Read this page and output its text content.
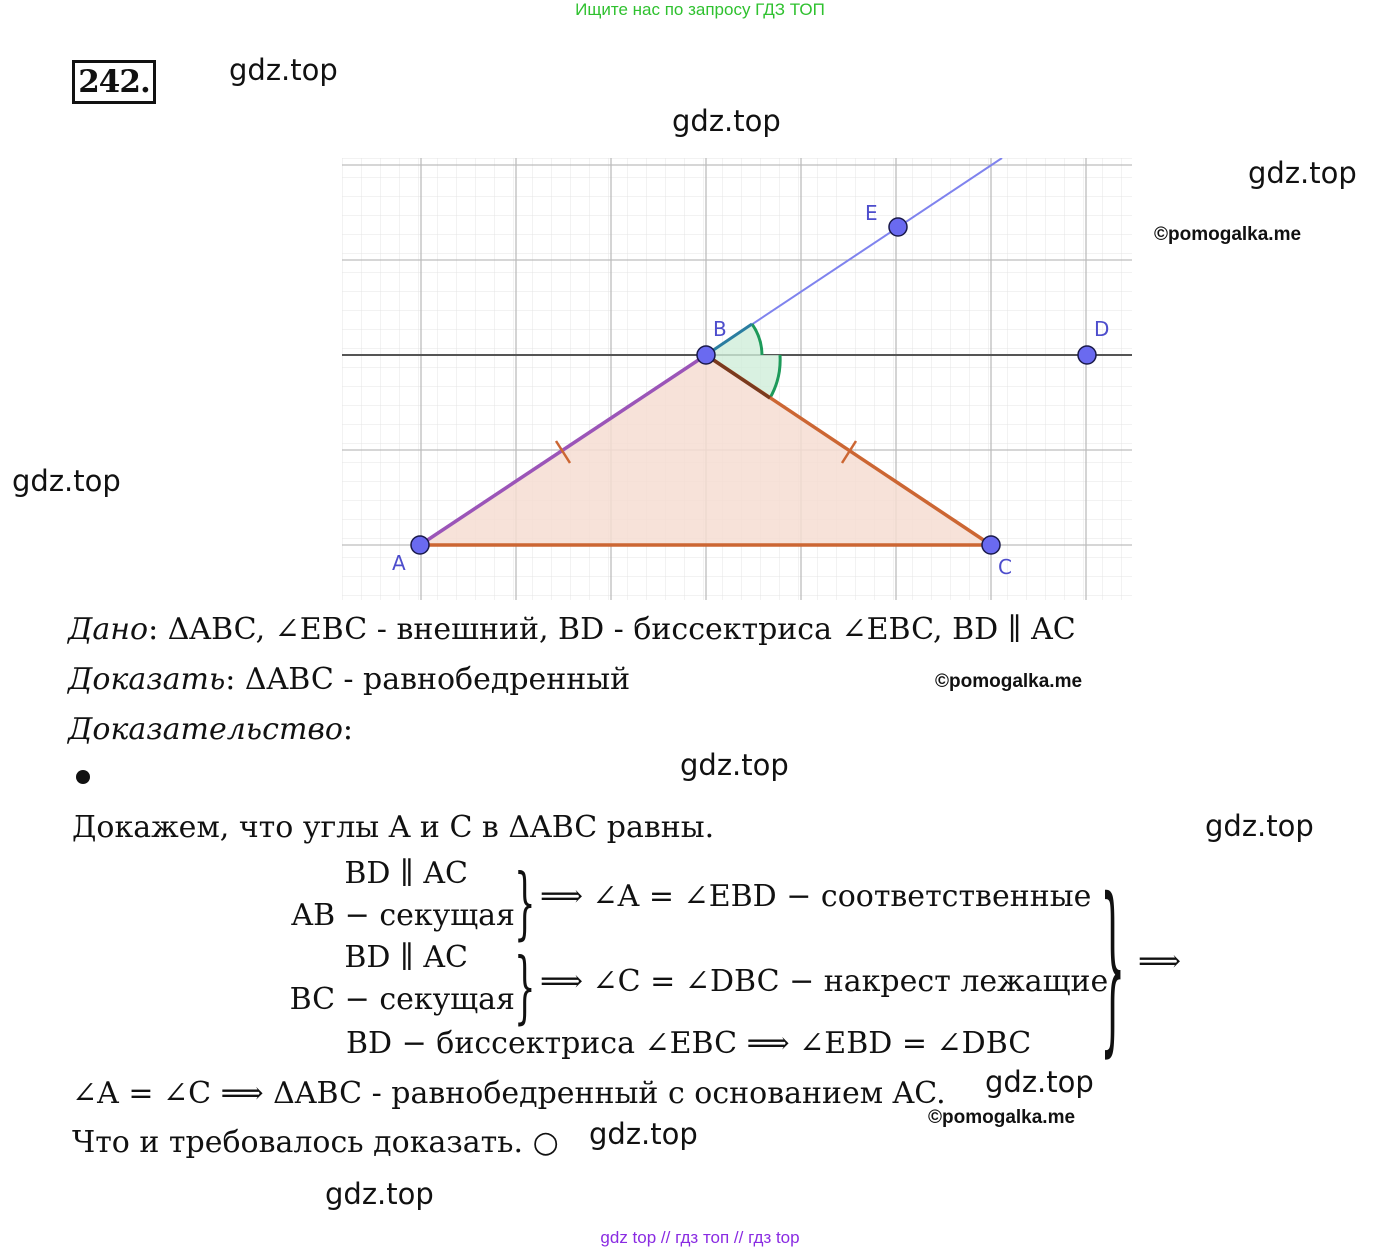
Ищите нас по запросу ГДЗ ТОП
242.	gdz.top
gdz.top
gdz.top
©pomogalka.me
gdz.top
A
B
C
D
E
Дано: ΔABC, ∠EBC - внешний, BD - биссектриса ∠EBC, BD ∥ AC
Доказать: ΔABC - равнобедренный	©pomogalka.me
Доказательство:
gdz.top
Докажем, что углы A и C в ΔABC равны.	gdz.top
BD ∥ AC
AB − секущая } ⟹ ∠A = ∠EBD − соответственные
BD ∥ AC
BC − секущая } ⟹ ∠C = ∠DBC − накрест лежащие
BD − биссектриса ∠EBC ⟹ ∠EBD = ∠DBC } ⟹
∠A = ∠C ⟹ ΔABC - равнобедренный с основанием AC. gdz.top
©pomogalka.me
Что и требовалось доказать. ○ gdz.top
gdz.top
gdz top // гдз топ // гдз top
